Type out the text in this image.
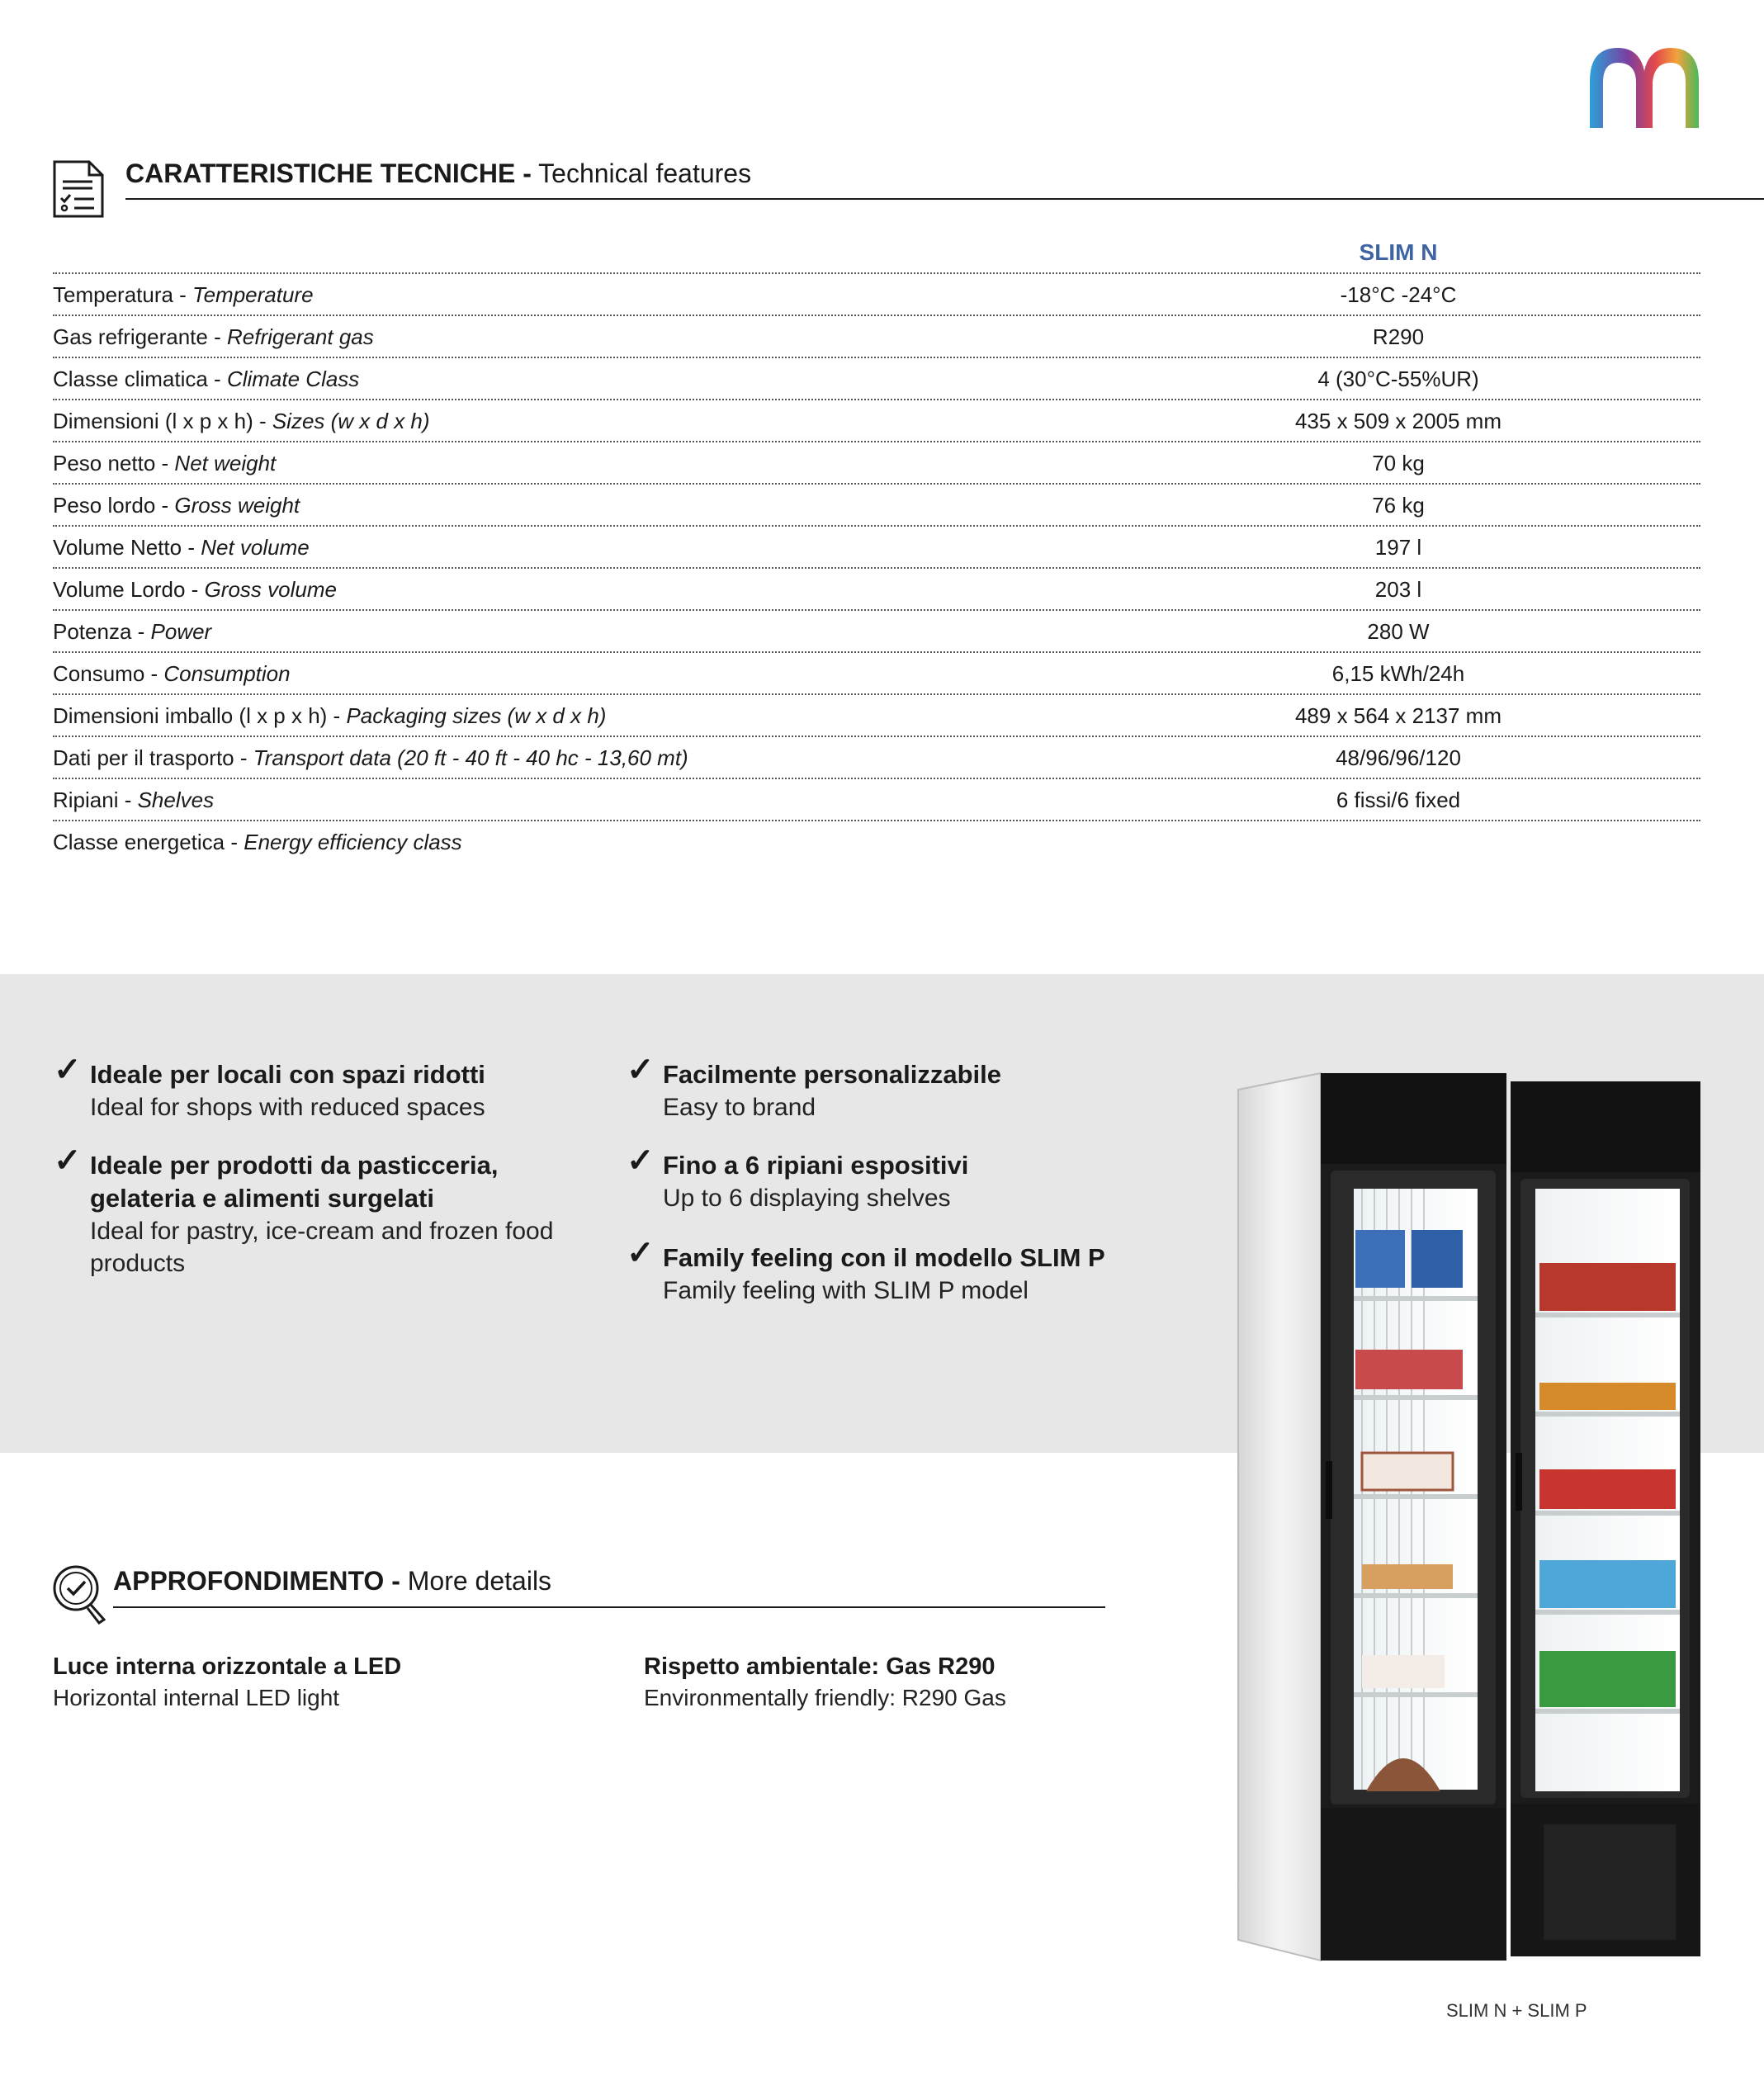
CARATTERISTICHE TECNICHE - Technical features
SLIM N
Temperatura - Temperature	-18°C -24°C
Gas refrigerante - Refrigerant gas	R290
Classe climatica - Climate Class	4 (30°C-55%UR)
Dimensioni (l x p x h) - Sizes (w x d x h)	435 x 509 x 2005 mm
Peso netto - Net weight	70 kg
Peso lordo - Gross weight	76 kg
Volume Netto - Net volume	197 l
Volume Lordo - Gross volume	203 l
Potenza - Power	280 W
Consumo - Consumption	6,15 kWh/24h
Dimensioni imballo (l x p x h) - Packaging sizes (w x d x h)	489 x 564 x 2137 mm
Dati per il trasporto - Transport data (20 ft - 40 ft - 40 hc - 13,60 mt)	48/96/96/120
Ripiani - Shelves	6 fissi/6 fixed
Classe energetica - Energy efficiency class
✓ Ideale per locali con spazi ridotti
Ideal for shops with reduced spaces
✓ Ideale per prodotti da pasticceria, gelateria e alimenti surgelati
Ideal for pastry, ice-cream and frozen food products
✓ Facilmente personalizzabile
Easy to brand
✓ Fino a 6 ripiani espositivi
Up to 6 displaying shelves
✓ Family feeling con il modello SLIM P
Family feeling with SLIM P model
APPROFONDIMENTO - More details
Luce interna orizzontale a LED
Horizontal internal LED light
Rispetto ambientale: Gas R290
Environmentally friendly: R290 Gas
SLIM N + SLIM P
